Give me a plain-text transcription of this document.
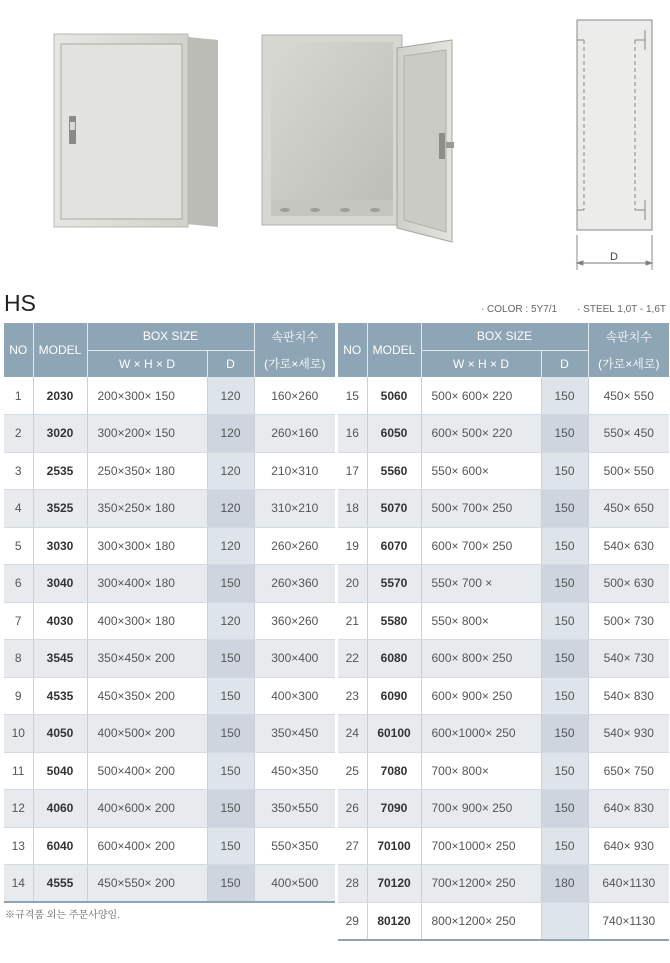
D
HS	· COLOR : 5Y7/1 · STEEL 1,0T - 1,6T
NO	MODEL	BOX SIZE		속판치수
		W × H × D	D	(가로×세로)
1	2030	200×300× 150	120	160×260
2	3020	300×200× 150	120	260×160
3	2535	250×350× 180	120	210×310
4	3525	350×250× 180	120	310×210
5	3030	300×300× 180	120	260×260
6	3040	300×400× 180	150	260×360
7	4030	400×300× 180	120	360×260
8	3545	350×450× 200	150	300×400
9	4535	450×350× 200	150	400×300
10	4050	400×500× 200	150	350×450
11	5040	500×400× 200	150	450×350
12	4060	400×600× 200	150	350×550
13	6040	600×400× 200	150	550×350
14	4555	450×550× 200	150	400×500
NO	MODEL	BOX SIZE		속판치수
		W × H × D	D	(가로×세로)
15	5060	500× 600× 220	150	450× 550
16	6050	600× 500× 220	150	550× 450
17	5560	550× 600×	150	500× 550
18	5070	500× 700× 250	150	450× 650
19	6070	600× 700× 250	150	540× 630
20	5570	550× 700 ×	150	500× 630
21	5580	550× 800×	150	500× 730
22	6080	600× 800× 250	150	540× 730
23	6090	600× 900× 250	150	540× 830
24	60100	600×1000× 250	150	540× 930
25	7080	700× 800×	150	650× 750
26	7090	700× 900× 250	150	640× 830
27	70100	700×1000× 250	150	640× 930
28	70120	700×1200× 250	180	640×1130
29	80120	800×1200× 250		740×1130
※규격품 외는 주문사양임.
